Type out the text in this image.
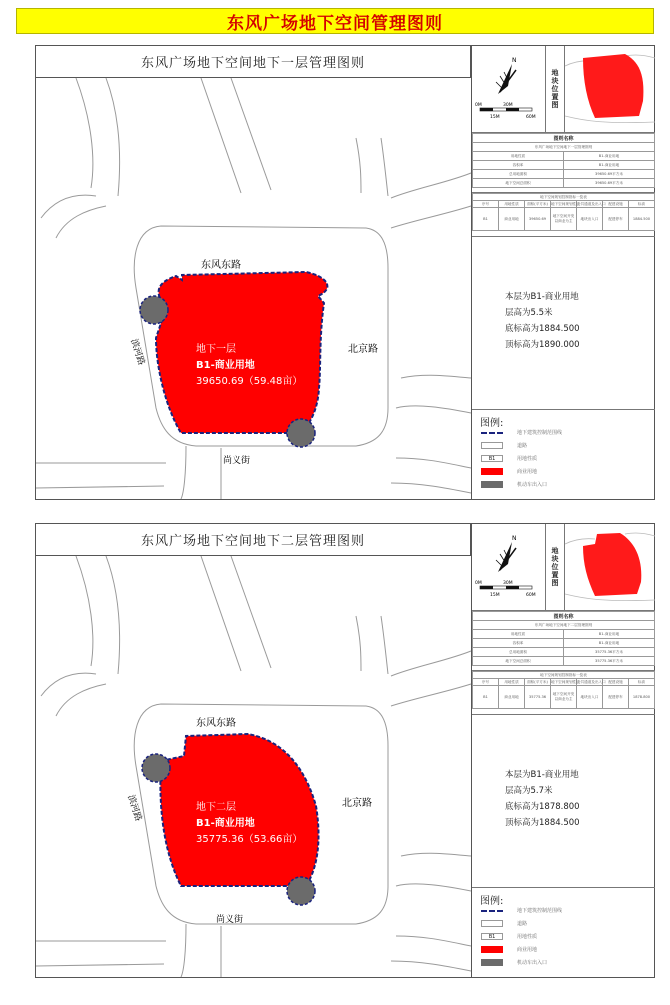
东风广场地下空间管理图则
东风广场地下空间地下一层管理图则
东风东路
北京路
尚义街
地下一层
B1-商业用地
39650.69（59.48亩）
滨河路
N
0M	30M
15M	60M
地块位置图
图则名称	
东风广场地下空间地下一层管理图则	
用地性质	B1-商业用地
容积率	B1-商业用地
总用地面积	39650.69平方米
地下空间总面积	39650.69平方米
地下空间规划控制指标一览表						
序号	用地性质	面积(平方米)	地下空间规划性质	公共通道及出入口	配建设施	标高
B1	商业用地	39650.69	地下空间开发以商业为主	地块出入口	配建停车	1884.500
本层为B1-商业用地
层高为5.5米
底标高为1884.500
顶标高为1890.000
图例:
地下建筑控制范围线
道路
B1	用地性质
商业用地
机动车出入口
东风广场地下空间地下二层管理图则
东风东路
北京路
尚义街
地下二层
B1-商业用地
35775.36（53.66亩）
滨河路
N
0M	30M
15M	60M
地块位置图
图则名称	
东风广场地下空间地下二层管理图则	
用地性质	B1-商业用地
容积率	B1-商业用地
总用地面积	35775.36平方米
地下空间总面积	35775.36平方米
地下空间规划控制指标一览表						
序号	用地性质	面积(平方米)	地下空间规划性质	公共通道及出入口	配建设施	标高
B1	商业用地	35775.36	地下空间开发以商业为主	地块出入口	配建停车	1878.800
本层为B1-商业用地
层高为5.7米
底标高为1878.800
顶标高为1884.500
图例:
地下建筑控制范围线
道路
B1	用地性质
商业用地
机动车出入口
